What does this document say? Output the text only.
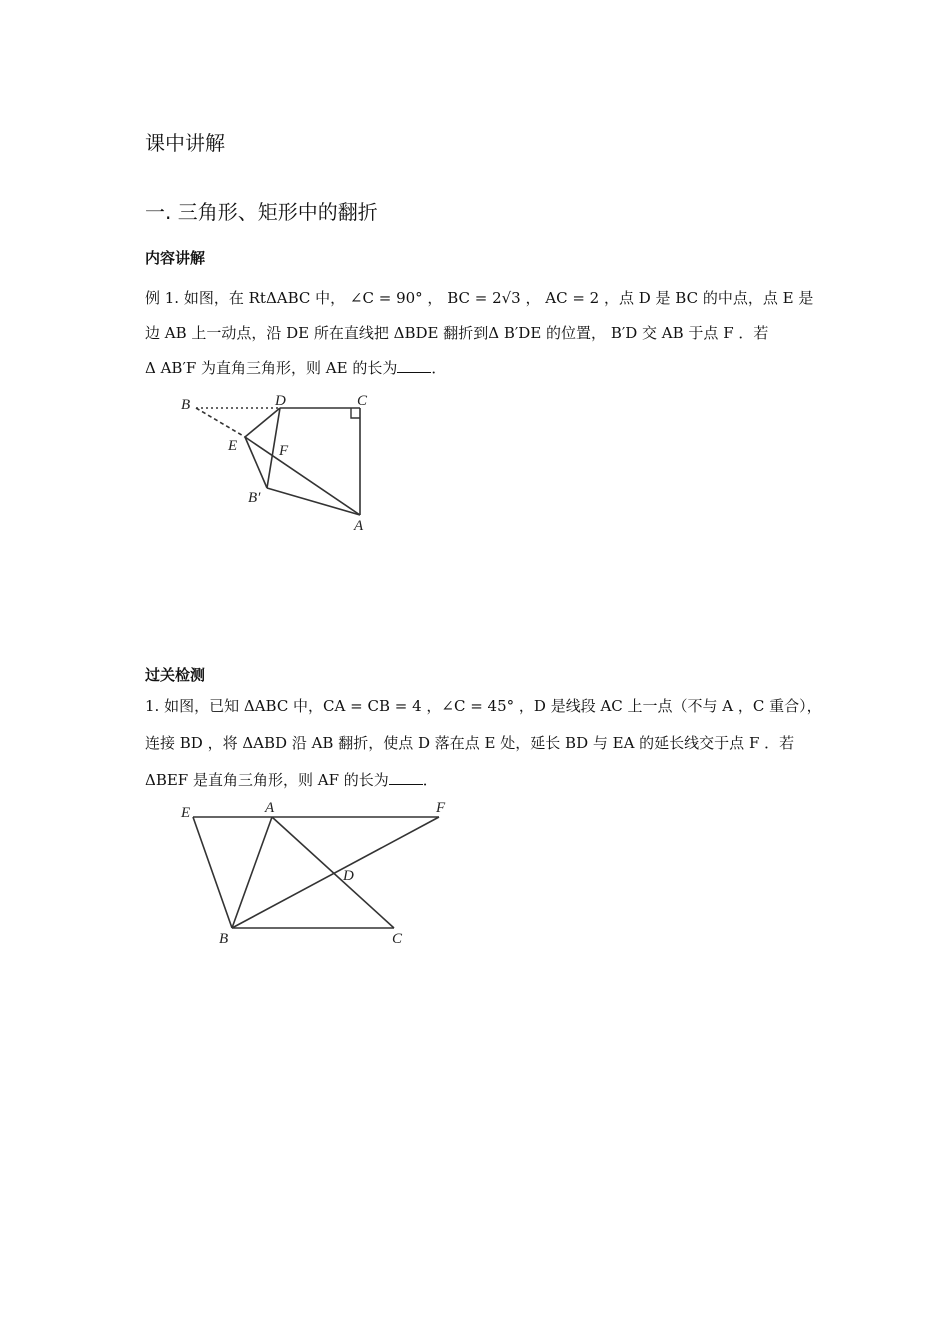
课中讲解
一. 三角形、矩形中的翻折
内容讲解
例 1. 如图，在 RtΔABC 中， ∠C = 90° ， BC = 2√3 ， AC = 2 ，点 D 是 BC 的中点，点 E 是
边 AB 上一动点，沿 DE 所在直线把 ΔBDE 翻折到Δ B′DE 的位置， B′D 交 AB 于点 F ．若
Δ AB′F 为直角三角形，则 AE 的长为 ．
B	D	C
E	F
B′
A
E	A	F
D
B	C
过关检测
1. 如图，已知 ΔABC 中，CA = CB = 4 ，∠C = 45° ，D 是线段 AC 上一点（不与 A ，C 重合），
连接 BD ，将 ΔABD 沿 AB 翻折，使点 D 落在点 E 处，延长 BD 与 EA 的延长线交于点 F ．若
ΔBEF 是直角三角形，则 AF 的长为 ．
